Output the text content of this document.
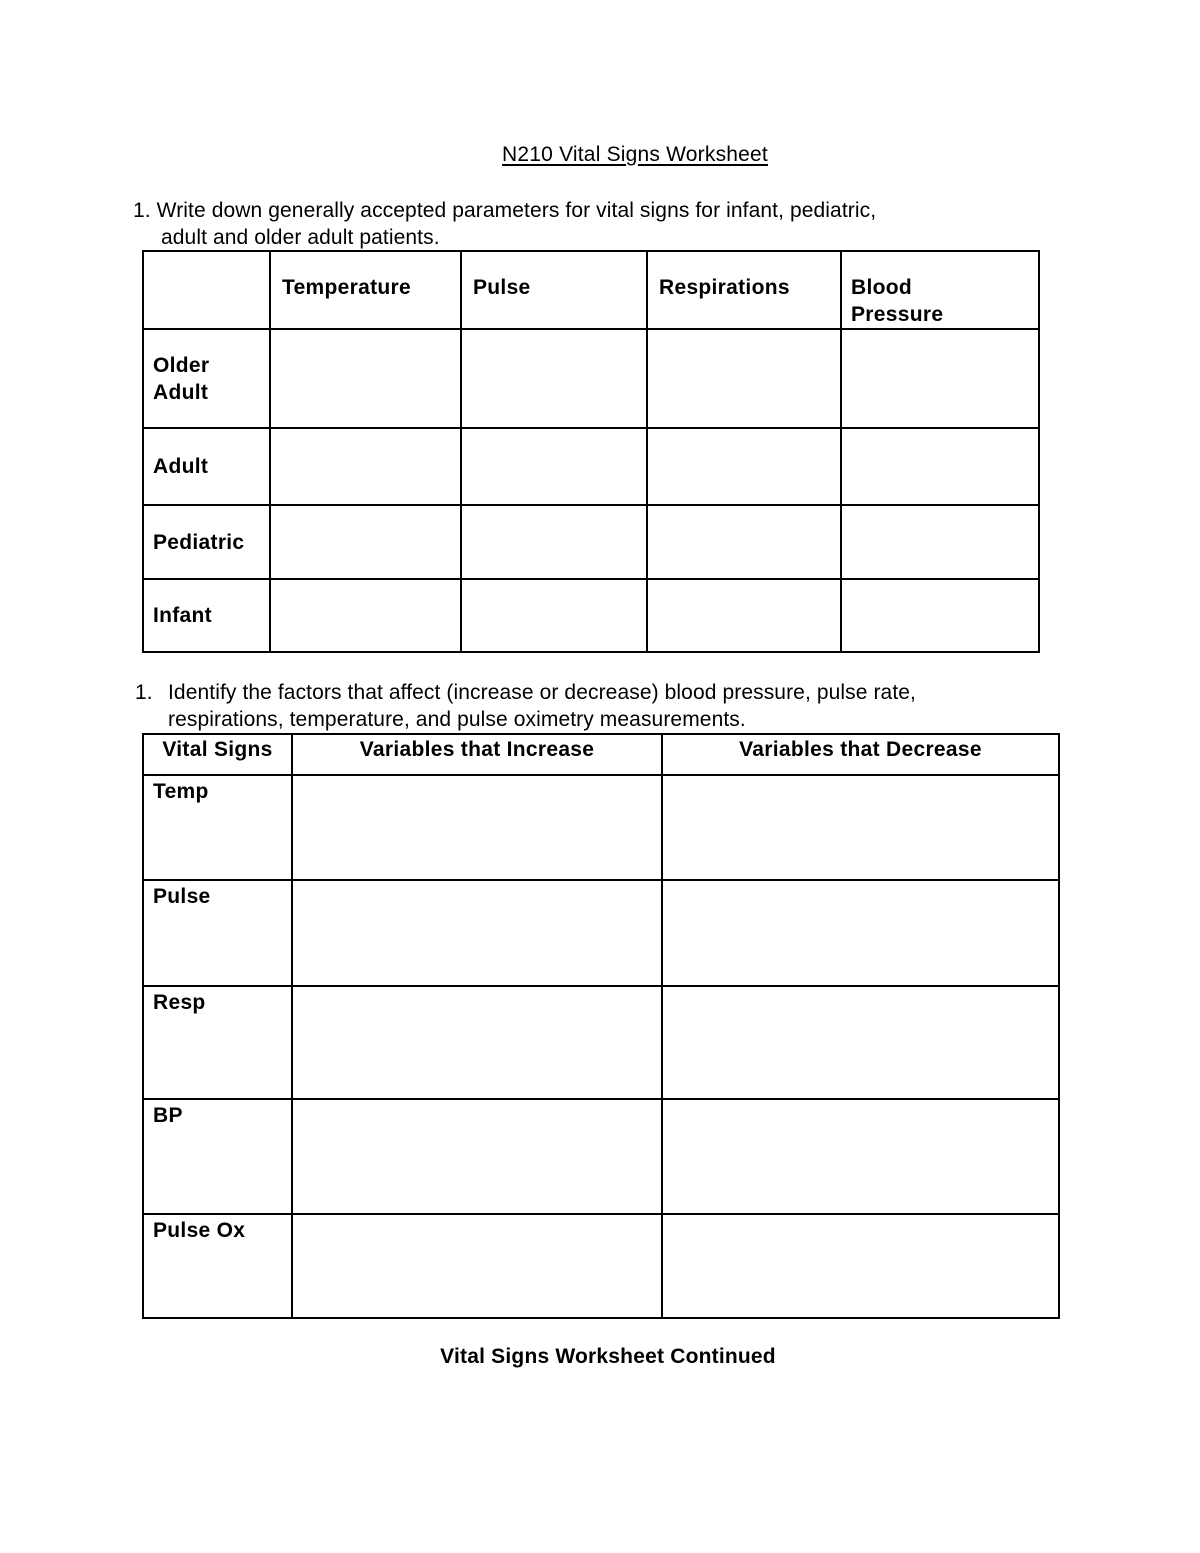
N210 Vital Signs Worksheet
1. Write down generally accepted parameters for vital signs for infant, pediatric,
adult and older adult patients.
	Temperature	Pulse	Respirations	Blood Pressure
Older Adult				
Adult				
Pediatric				
Infant				
1. Identify the factors that affect (increase or decrease) blood pressure, pulse rate,
respirations, temperature, and pulse oximetry measurements.
Vital Signs	Variables that Increase	Variables that Decrease
Temp		
Pulse		
Resp		
BP		
Pulse Ox		
Vital Signs Worksheet Continued
